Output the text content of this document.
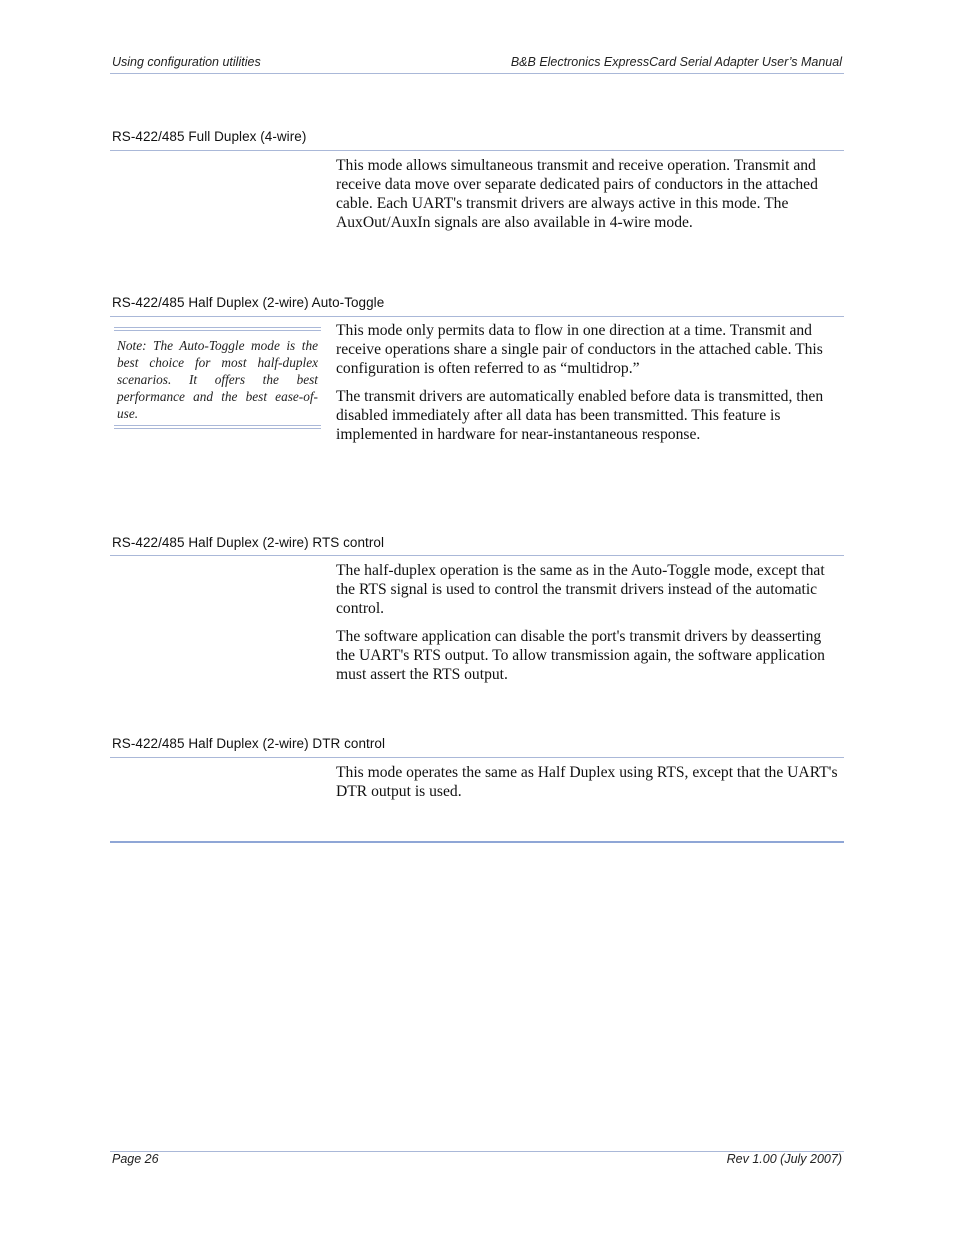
Using configuration utilities	B&B Electronics ExpressCard Serial Adapter User’s Manual
RS-422/485 Full Duplex (4-wire)

This mode allows simultaneous transmit and receive operation. Transmit and receive data move over separate dedicated pairs of conductors in the attached cable. Each UART's transmit drivers are always active in this mode. The AuxOut/AuxIn signals are also available in 4-wire mode.

RS-422/485 Half Duplex (2-wire) Auto-Toggle
Note: The Auto-Toggle mode is the best choice for most half-duplex scenarios. It offers the best performance and the best ease-of-use.

This mode only permits data to flow in one direction at a time. Transmit and receive operations share a single pair of conductors in the attached cable. This configuration is often referred to as “multidrop.”

The transmit drivers are automatically enabled before data is transmitted, then disabled immediately after all data has been transmitted. This feature is implemented in hardware for near-instantaneous response.

RS-422/485 Half Duplex (2-wire) RTS control

The half-duplex operation is the same as in the Auto-Toggle mode, except that the RTS signal is used to control the transmit drivers instead of the automatic control.

The software application can disable the port's transmit drivers by deasserting the UART's RTS output. To allow transmission again, the software application must assert the RTS output.

RS-422/485 Half Duplex (2-wire) DTR control

This mode operates the same as Half Duplex using RTS, except that the UART's DTR output is used.

Page 26	Rev 1.00 (July 2007)
